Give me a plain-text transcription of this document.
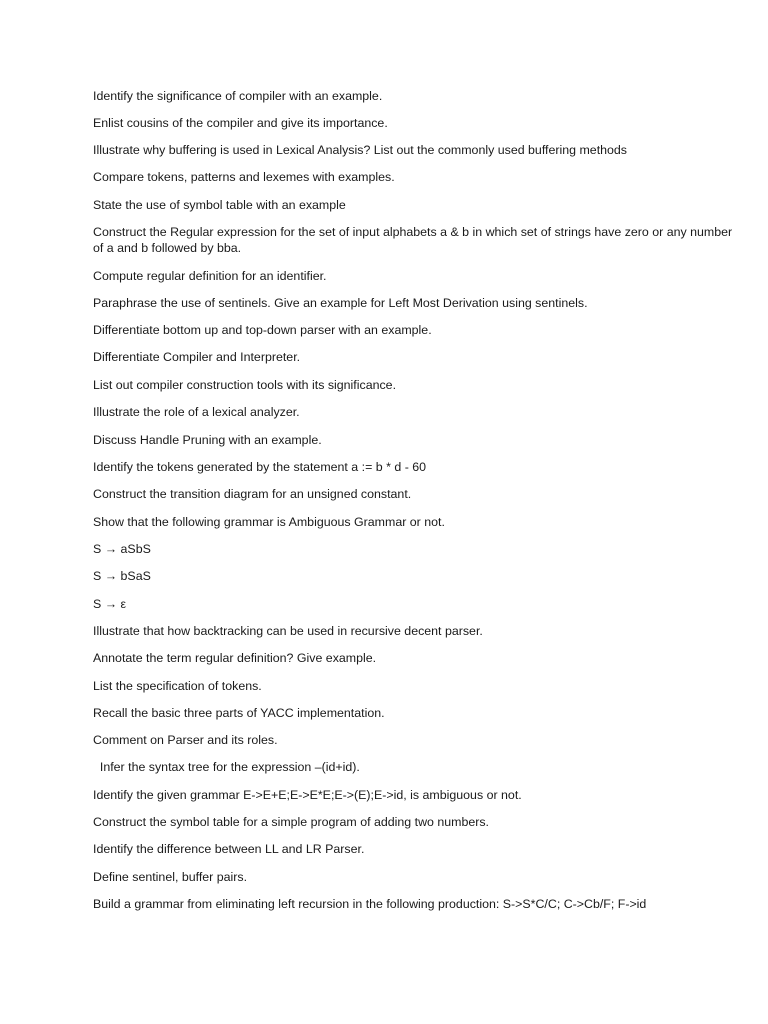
Identify the significance of compiler with an example.
Enlist cousins of the compiler and give its importance.
Illustrate why buffering is used in Lexical Analysis? List out the commonly used buffering methods
Compare tokens, patterns and lexemes with examples.
State the use of symbol table with an example
Construct the Regular expression for the set of input alphabets a & b in which set of strings have zero or any number of a and b followed by bba.
Compute regular definition for an identifier.
Paraphrase the use of sentinels. Give an example for Left Most Derivation using sentinels.
Differentiate bottom up and top-down parser with an example.
Differentiate Compiler and Interpreter.
List out compiler construction tools with its significance.
Illustrate the role of a lexical analyzer.
Discuss Handle Pruning with an example.
Identify the tokens generated by the statement a := b * d - 60
Construct the transition diagram for an unsigned constant.
Show that the following grammar is Ambiguous Grammar or not.
S → aSbS
S → bSaS
S → ε
Illustrate that how backtracking can be used in recursive decent parser.
Annotate the term regular definition? Give example.
List the specification of tokens.
Recall the basic three parts of YACC implementation.
Comment on Parser and its roles.
Infer the syntax tree for the expression –(id+id).
Identify the given grammar E->E+E;E->E*E;E->(E);E->id, is ambiguous or not.
Construct the symbol table for a simple program of adding two numbers.
Identify the difference between LL and LR Parser.
Define sentinel, buffer pairs.
Build a grammar from eliminating left recursion in the following production: S->S*C/C; C->Cb/F; F->id
